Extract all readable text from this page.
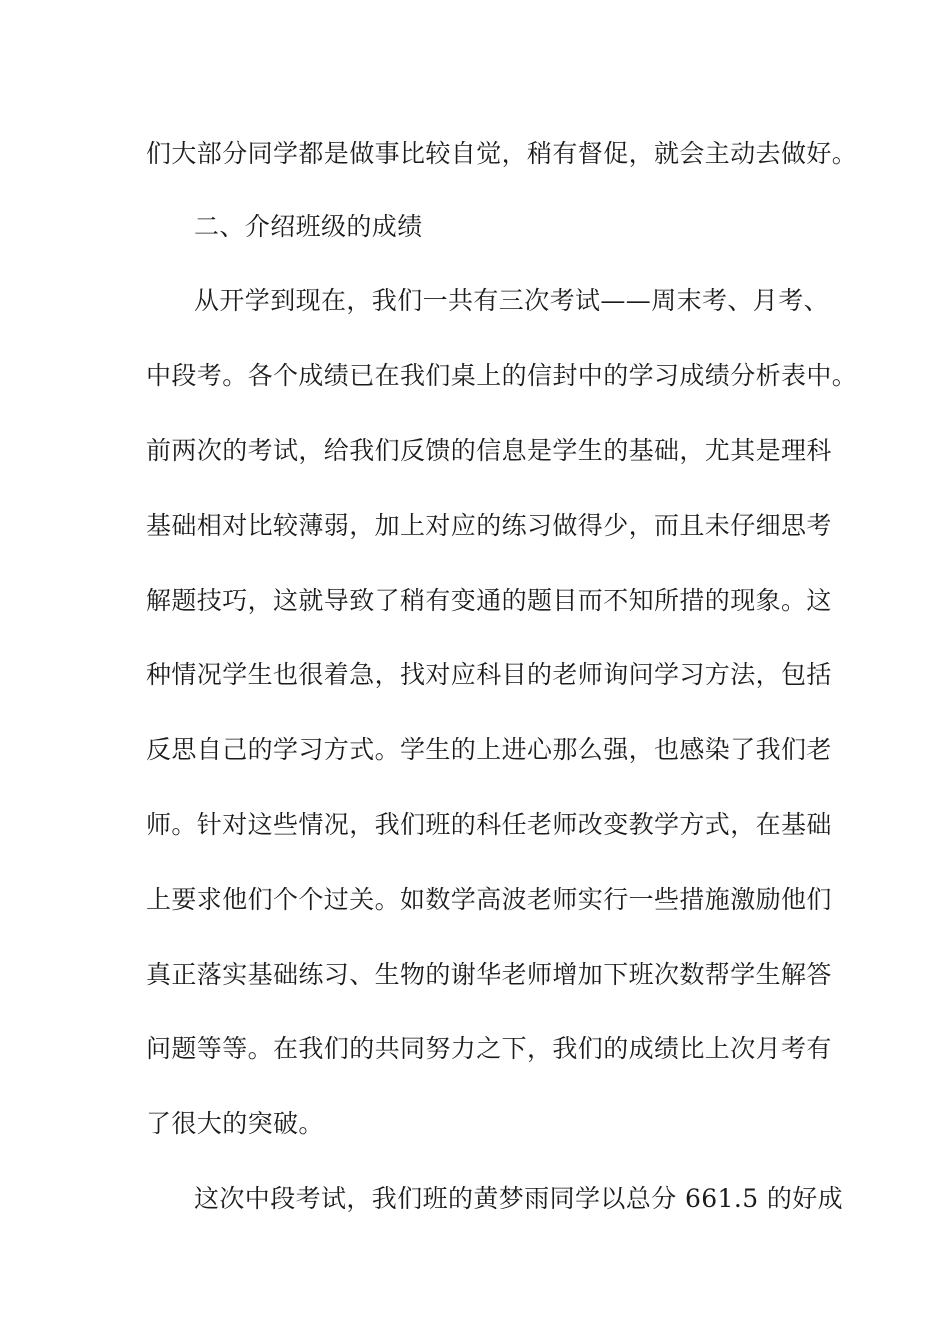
们大部分同学都是做事比较自觉，稍有督促，就会主动去做好。
二、介绍班级的成绩
从开学到现在，我们一共有三次考试——周末考、月考、
中段考。各个成绩已在我们桌上的信封中的学习成绩分析表中。
前两次的考试，给我们反馈的信息是学生的基础，尤其是理科
基础相对比较薄弱，加上对应的练习做得少，而且未仔细思考
解题技巧，这就导致了稍有变通的题目而不知所措的现象。这
种情况学生也很着急，找对应科目的老师询问学习方法，包括
反思自己的学习方式。学生的上进心那么强，也感染了我们老
师。针对这些情况，我们班的科任老师改变教学方式，在基础
上要求他们个个过关。如数学高波老师实行一些措施激励他们
真正落实基础练习、生物的谢华老师增加下班次数帮学生解答
问题等等。在我们的共同努力之下，我们的成绩比上次月考有
了很大的突破。
这次中段考试，我们班的黄梦雨同学以总分 661.5 的好成
